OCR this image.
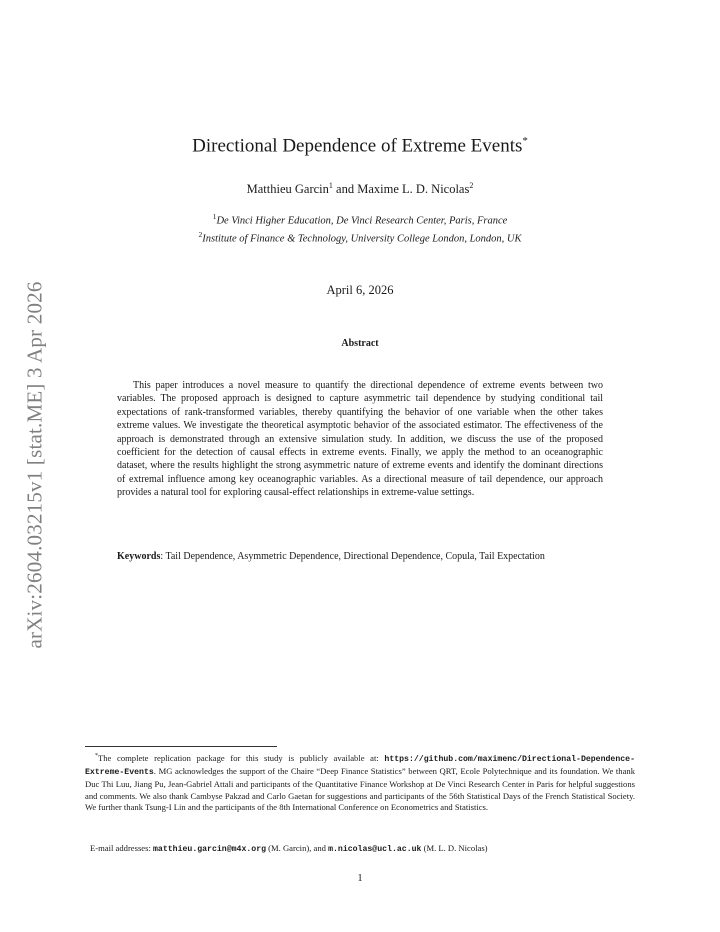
arXiv:2604.03215v1 [stat.ME] 3 Apr 2026
Directional Dependence of Extreme Events*
Matthieu Garcin$^1$ and Maxime L. D. Nicolas$^2$
$^1$De Vinci Higher Education, De Vinci Research Center, Paris, France
$^2$Institute of Finance & Technology, University College London, London, UK
April 6, 2026
Abstract

This paper introduces a novel measure to quantify the directional dependence of extreme events between two variables. The proposed approach is designed to capture asymmetric tail dependence by studying conditional tail expectations of rank-transformed variables, thereby quantifying the behavior of one variable when the other takes extreme values. We investigate the theoretical asymptotic behavior of the associated estimator. The effectiveness of the approach is demonstrated through an extensive simulation study. In addition, we discuss the use of the proposed coefficient for the detection of causal effects in extreme events. Finally, we apply the method to an oceanographic dataset, where the results highlight the strong asymmetric nature of extreme events and identify the dominant directions of extremal influence among key oceanographic variables. As a directional measure of tail dependence, our approach provides a natural tool for exploring causal-effect relationships in extreme-value settings.

Keywords: Tail Dependence, Asymmetric Dependence, Directional Dependence, Copula, Tail Expectation

*The complete replication package for this study is publicly available at: https://github.com/maximenc/Directional-Dependence-Extreme-Events. MG acknowledges the support of the Chaire “Deep Finance Statistics” between QRT, Ecole Polytechnique and its foundation. We thank Duc Thi Luu, Jiang Pu, Jean-Gabriel Attali and participants of the Quantitative Finance Workshop at De Vinci Research Center in Paris for helpful suggestions and comments. We also thank Cambyse Pakzad and Carlo Gaetan for suggestions and participants of the 56th Statistical Days of the French Statistical Society. We further thank Tsung-I Lin and the participants of the 8th International Conference on Econometrics and Statistics.

E-mail addresses: matthieu.garcin@m4x.org (M. Garcin), and m.nicolas@ucl.ac.uk (M. L. D. Nicolas)

1
